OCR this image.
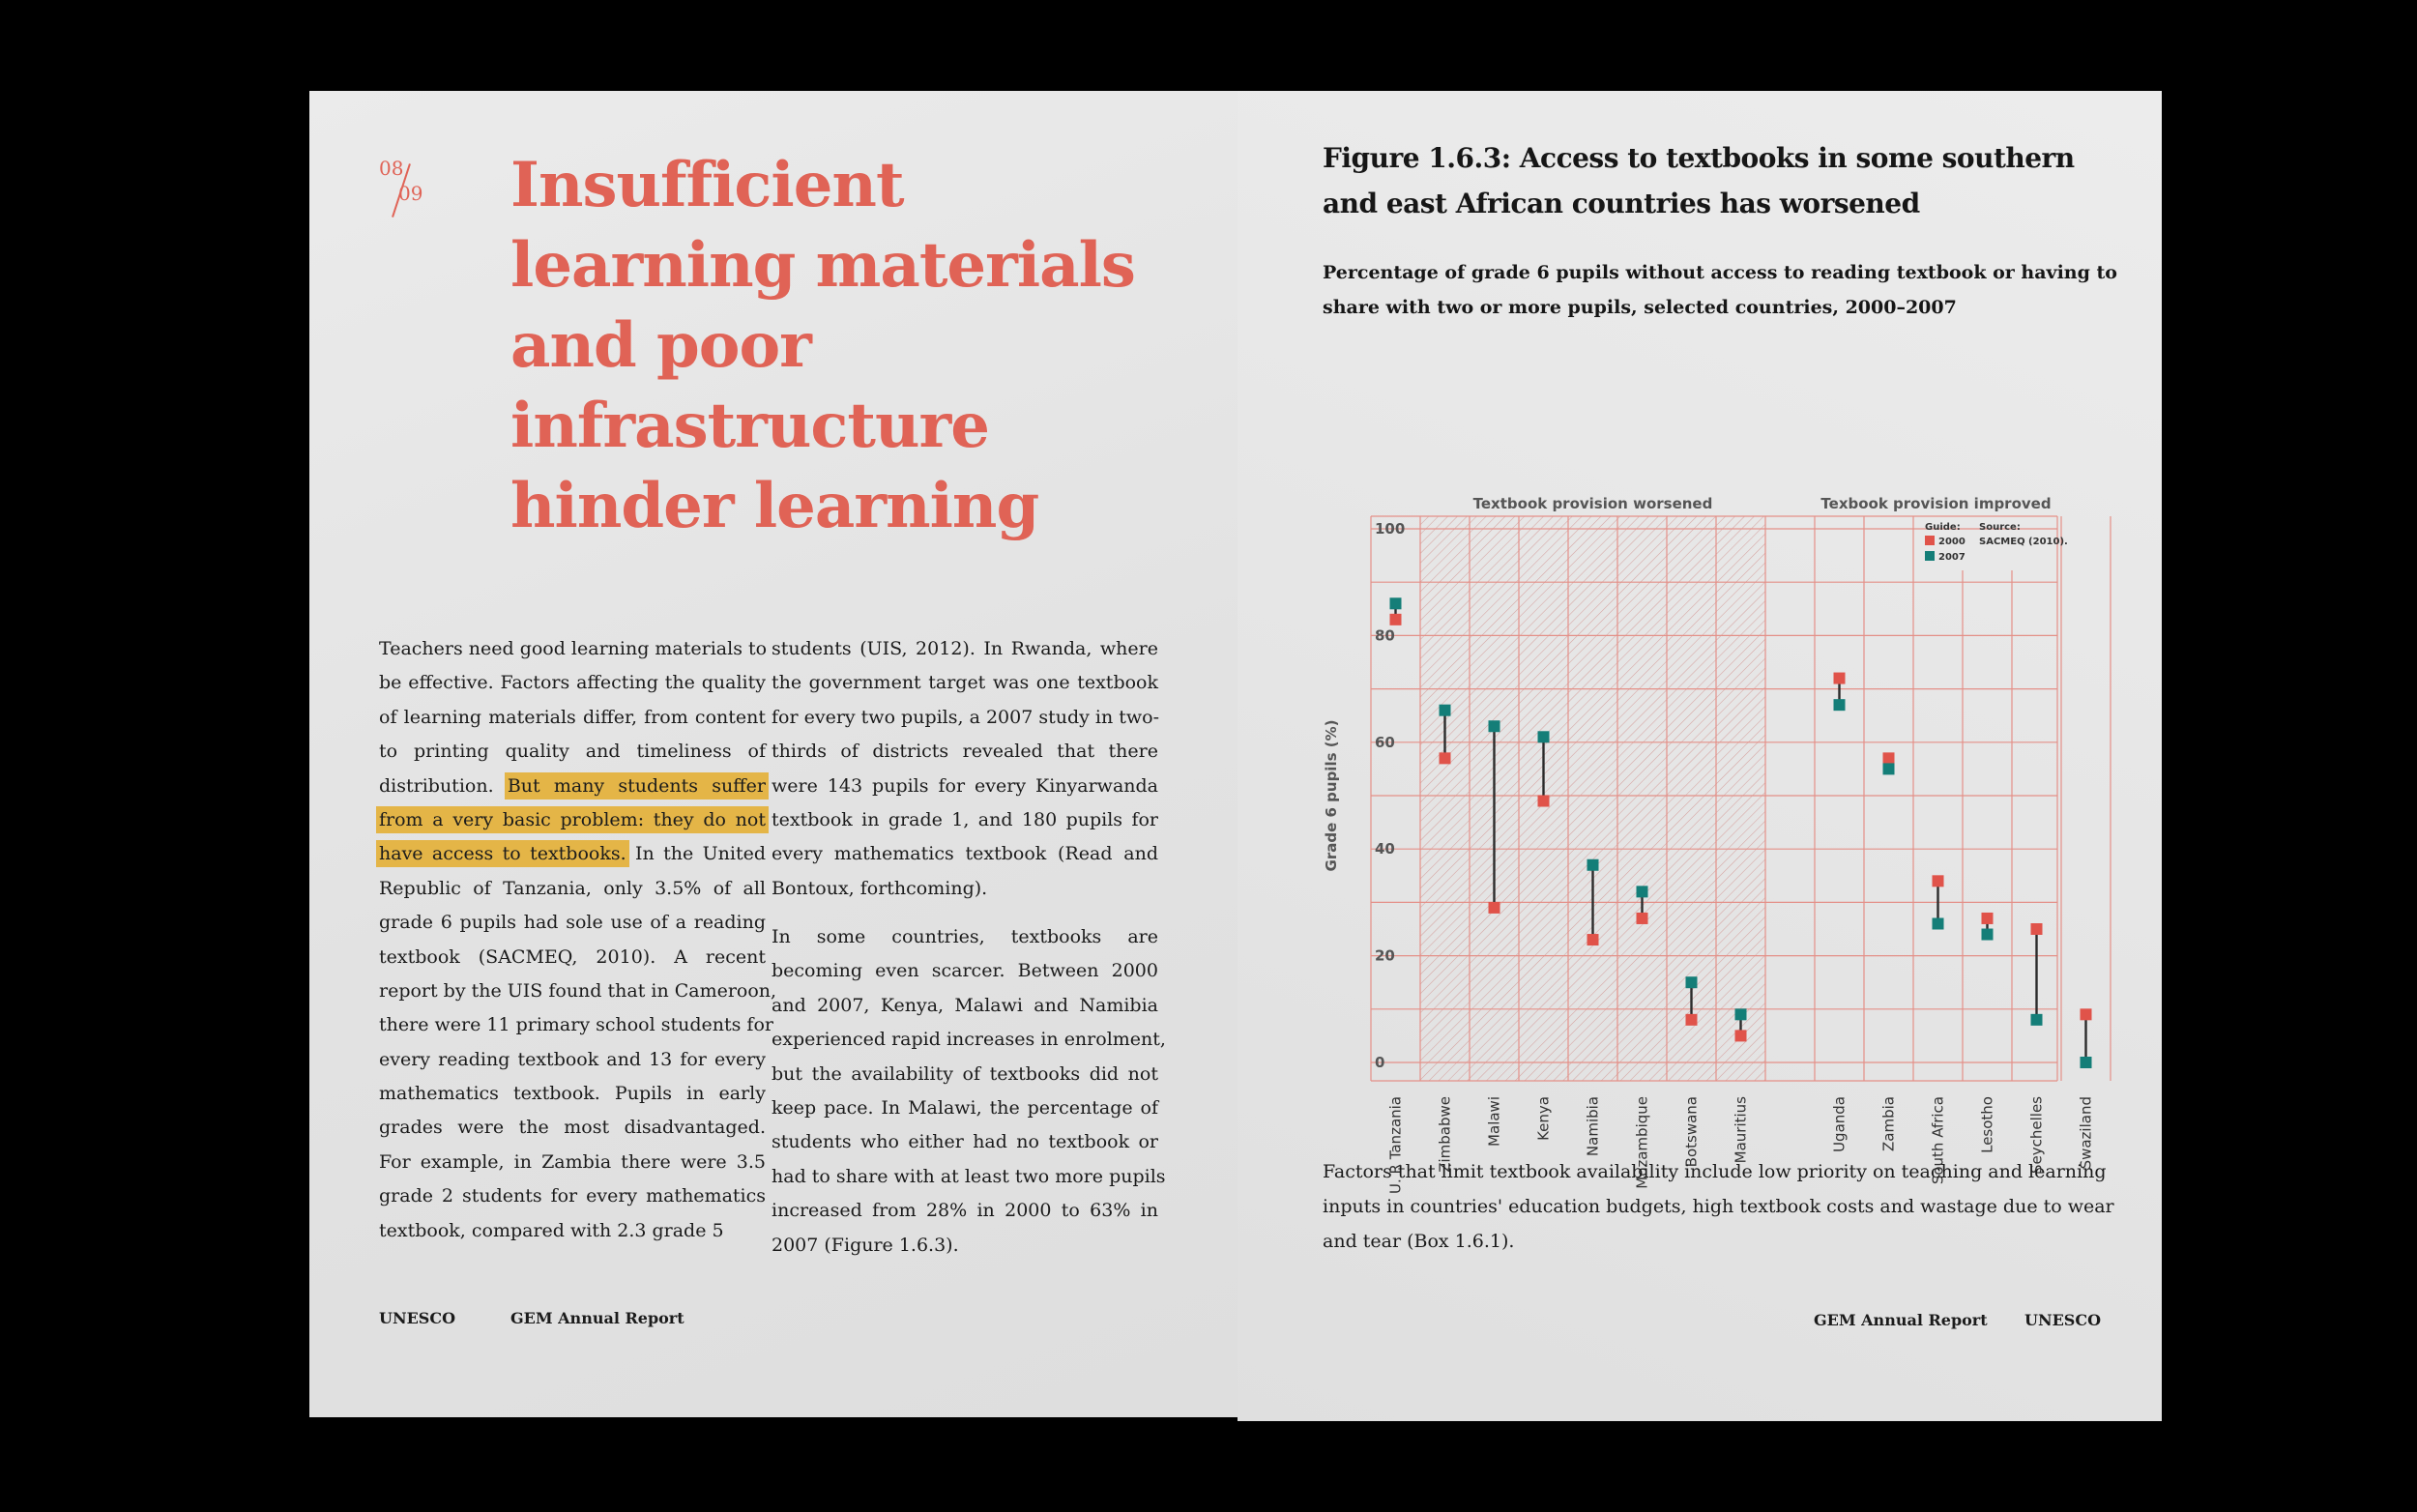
08
09 Insufficient
learning materials
and poor
infrastructure
hinder learning
Teachers need good learning materials to
be effective. Factors affecting the quality
of learning materials differ, from content
to printing quality and timeliness of
distribution. But many students suffer
from a very basic problem: they do not
have access to textbooks. In the United
Republic of Tanzania, only 3.5% of all
grade 6 pupils had sole use of a reading
textbook (SACMEQ, 2010). A recent
report by the UIS found that in Cameroon,
there were 11 primary school students for
every reading textbook and 13 for every
mathematics textbook. Pupils in early
grades were the most disadvantaged.
For example, in Zambia there were 3.5
grade 2 students for every mathematics
textbook, compared with 2.3 grade 5
students (UIS, 2012). In Rwanda, where
the government target was one textbook
for every two pupils, a 2007 study in two-
thirds of districts revealed that there
were 143 pupils for every Kinyarwanda
textbook in grade 1, and 180 pupils for
every mathematics textbook (Read and
Bontoux, forthcoming).
In some countries, textbooks are
becoming even scarcer. Between 2000
and 2007, Kenya, Malawi and Namibia
experienced rapid increases in enrolment,
but the availability of textbooks did not
keep pace. In Malawi, the percentage of
students who either had no textbook or
had to share with at least two more pupils
increased from 28% in 2000 to 63% in
2007 (Figure 1.6.3).
UNESCO	GEM Annual Report
Figure 1.6.3: Access to textbooks in some southern
and east African countries has worsened

Percentage of grade 6 pupils without access to reading textbook or having to
share with two or more pupils, selected countries, 2000–2007

0
20
40
60
80
100
Grade 6 pupils (%)
Textbook provision worsened	Texbook provision improved
U. R Tanzania Zimbabwe Malawi Kenya Namibia Mozambique Botswana Mauritius	Uganda Zambia South Africa Lesotho Seychelles Swaziland
Guide:
2000
2007
Source:
SACMEQ (2010).

Factors that limit textbook availability include low priority on teaching and learning
inputs in countries' education budgets, high textbook costs and wastage due to wear
and tear (Box 1.6.1).

GEM Annual Report UNESCO
